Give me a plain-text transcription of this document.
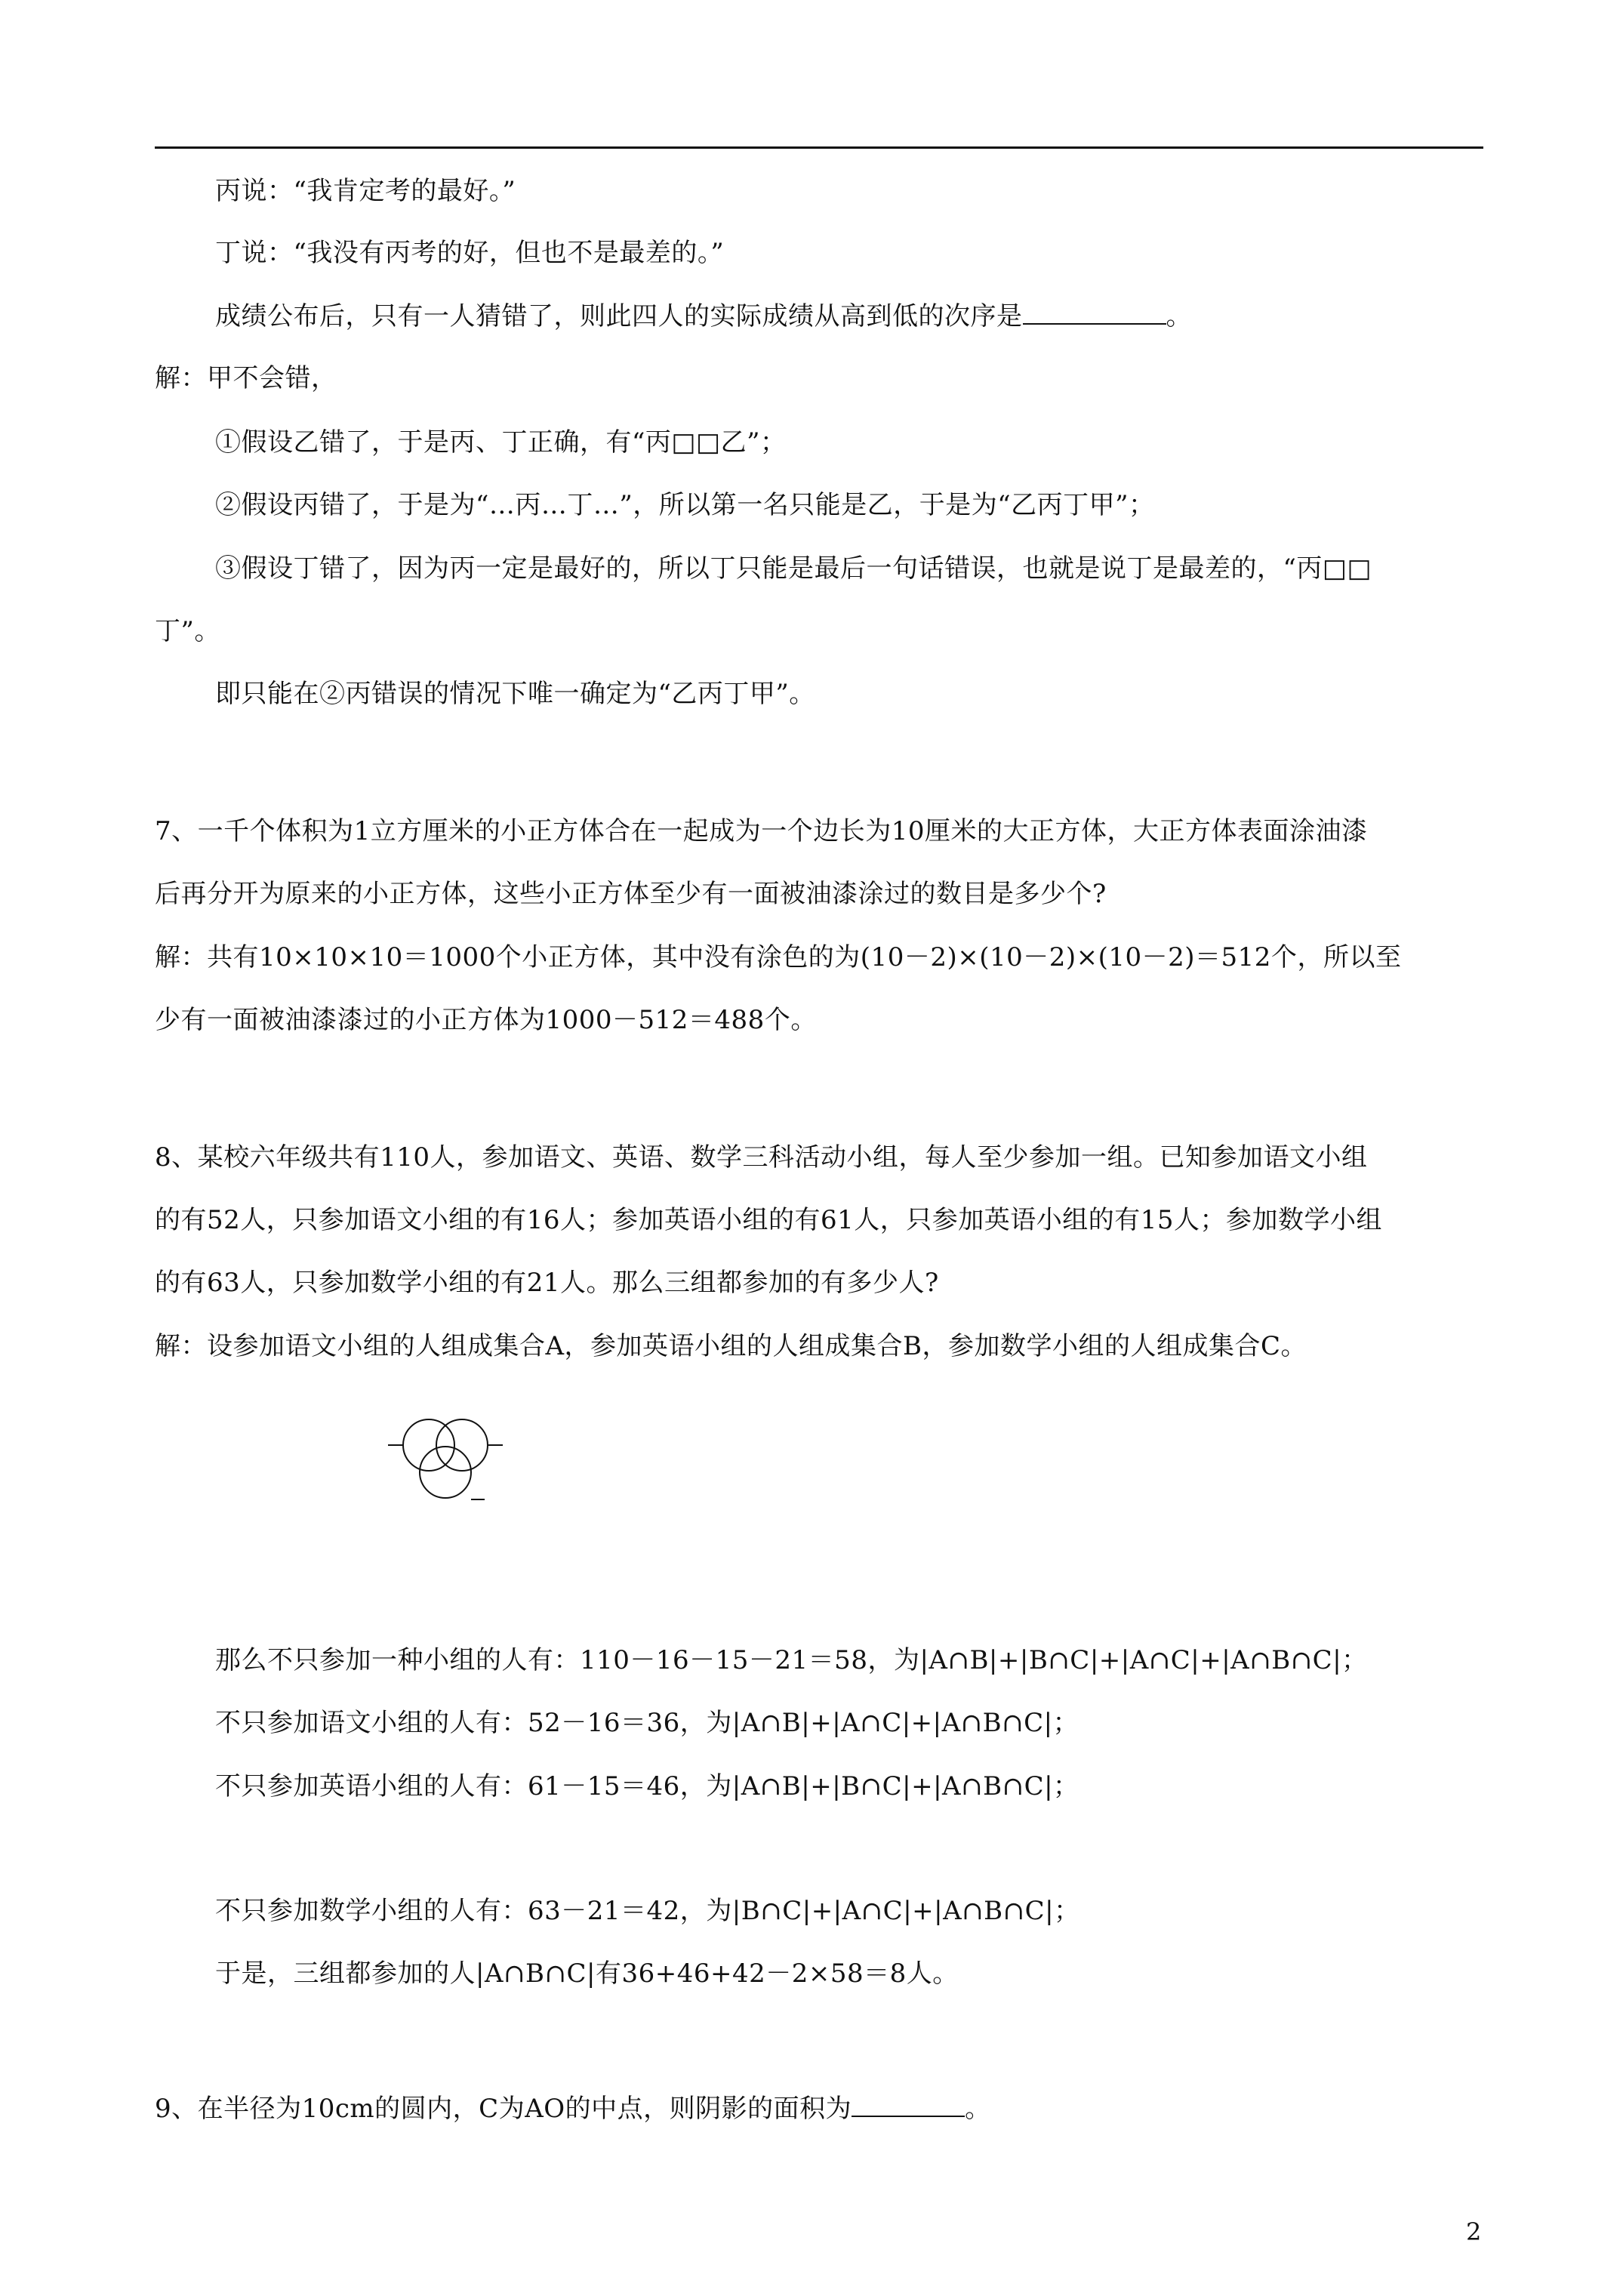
丙说：“我肯定考的最好。”
丁说：“我没有丙考的好，但也不是最差的。”
成绩公布后，只有一人猜错了，则此四人的实际成绩从高到低的次序是	。
解：甲不会错，
①假设乙错了，于是丙、丁正确，有“丙□□乙”；
②假设丙错了，于是为“…丙…丁…”，所以第一名只能是乙，于是为“乙丙丁甲”；
③假设丁错了，因为丙一定是最好的，所以丁只能是最后一句话错误，也就是说丁是最差的，“丙□□
丁”。
即只能在②丙错误的情况下唯一确定为“乙丙丁甲”。
7、一千个体积为1立方厘米的小正方体合在一起成为一个边长为10厘米的大正方体，大正方体表面涂油漆
后再分开为原来的小正方体，这些小正方体至少有一面被油漆涂过的数目是多少个?
解：共有10×10×10＝1000个小正方体，其中没有涂色的为(10－2)×(10－2)×(10－2)＝512个，所以至
少有一面被油漆漆过的小正方体为1000－512＝488个。
8、某校六年级共有110人，参加语文、英语、数学三科活动小组，每人至少参加一组。已知参加语文小组
的有52人，只参加语文小组的有16人；参加英语小组的有61人，只参加英语小组的有15人；参加数学小组
的有63人，只参加数学小组的有21人。那么三组都参加的有多少人?
解：设参加语文小组的人组成集合A，参加英语小组的人组成集合B，参加数学小组的人组成集合C。
那么不只参加一种小组的人有：110－16－15－21＝58，为|A∩B|+|B∩C|+|A∩C|+|A∩B∩C|；
不只参加语文小组的人有：52－16＝36，为|A∩B|+|A∩C|+|A∩B∩C|；
不只参加英语小组的人有：61－15＝46，为|A∩B|+|B∩C|+|A∩B∩C|；
不只参加数学小组的人有：63－21＝42，为|B∩C|+|A∩C|+|A∩B∩C|；
于是，三组都参加的人|A∩B∩C|有36+46+42－2×58＝8人。
9、在半径为10cm的圆内，C为AO的中点，则阴影的面积为	。
2
